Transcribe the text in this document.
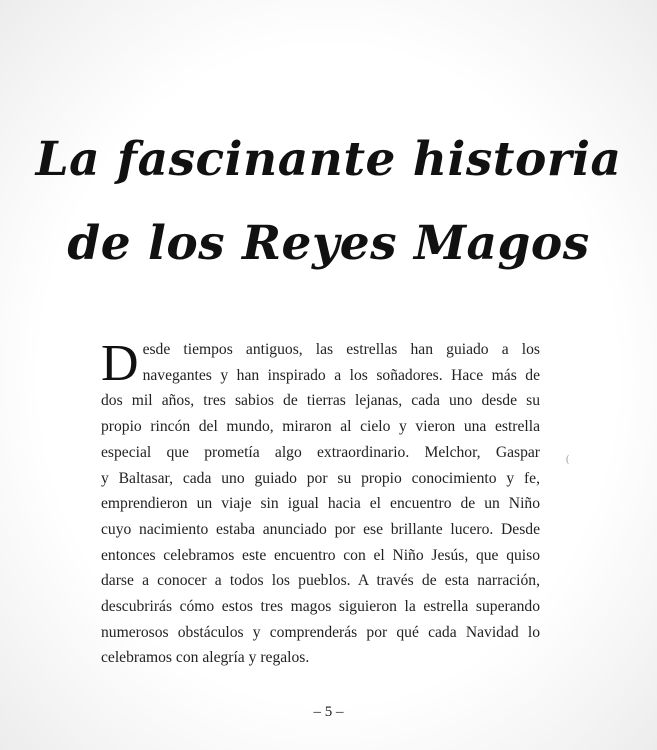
La fascinante historia
de los Reyes Magos
D esde tiempos antiguos, las estrellas han guiado a los
navegantes y han inspirado a los soñadores. Hace más de
dos mil años, tres sabios de tierras lejanas, cada uno desde su
propio rincón del mundo, miraron al cielo y vieron una estrella
especial que prometía algo extraordinario. Melchor, Gaspar
y Baltasar, cada uno guiado por su propio conocimiento y fe,
emprendieron un viaje sin igual hacia el encuentro de un Niño
cuyo nacimiento estaba anunciado por ese brillante lucero. Desde
entonces celebramos este encuentro con el Niño Jesús, que quiso
darse a conocer a todos los pueblos. A través de esta narración,
descubrirás cómo estos tres magos siguieron la estrella superando
numerosos obstáculos y comprenderás por qué cada Navidad lo
celebramos con alegría y regalos.
(
– 5 –
